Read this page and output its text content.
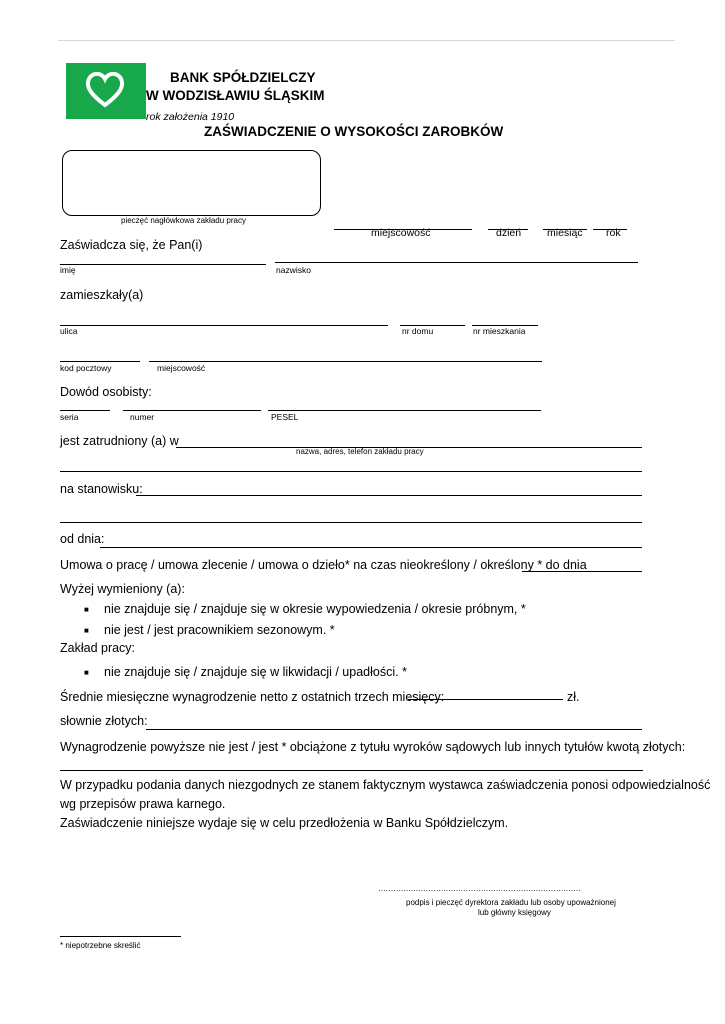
BANK SPÓŁDZIELCZY
W WODZISŁAWIU ŚLĄSKIM
rok założenia 1910
ZAŚWIADCZENIE O WYSOKOŚCI ZAROBKÓW
pieczęć nagłówkowa zakładu pracy
miejscowość	dzień miesiąc rok
Zaświadcza się, że Pan(i)
imię	nazwisko
zamieszkały(a)
ulica	nr domu	nr mieszkania
kod pocztowy	miejscowość
Dowód osobisty:
seria	numer	PESEL
jest zatrudniony (a) w
nazwa, adres, telefon zakładu pracy
na stanowisku:
od dnia:
Umowa o pracę / umowa zlecenie / umowa o dzieło* na czas nieokreślony / określony * do dnia
Wyżej wymieniony (a):
■ nie znajduje się / znajduje się w okresie wypowiedzenia / okresie próbnym, *
■ nie jest / jest pracownikiem sezonowym. *
Zakład pracy:
■ nie znajduje się / znajduje się w likwidacji / upadłości. *
Średnie miesięczne wynagrodzenie netto z ostatnich trzech miesięcy:	zł.
słownie złotych:
Wynagrodzenie powyższe nie jest / jest * obciążone z tytułu wyroków sądowych lub innych tytułów kwotą złotych:
W przypadku podania danych niezgodnych ze stanem faktycznym wystawca zaświadczenia ponosi odpowiedzialność
wg przepisów prawa karnego.
Zaświadczenie niniejsze wydaje się w celu przedłożenia w Banku Spółdzielczym.
………………………………………………………………………
podpis i pieczęć dyrektora zakładu lub osoby upoważnionej
lub główny księgowy
* niepotrzebne skreślić
